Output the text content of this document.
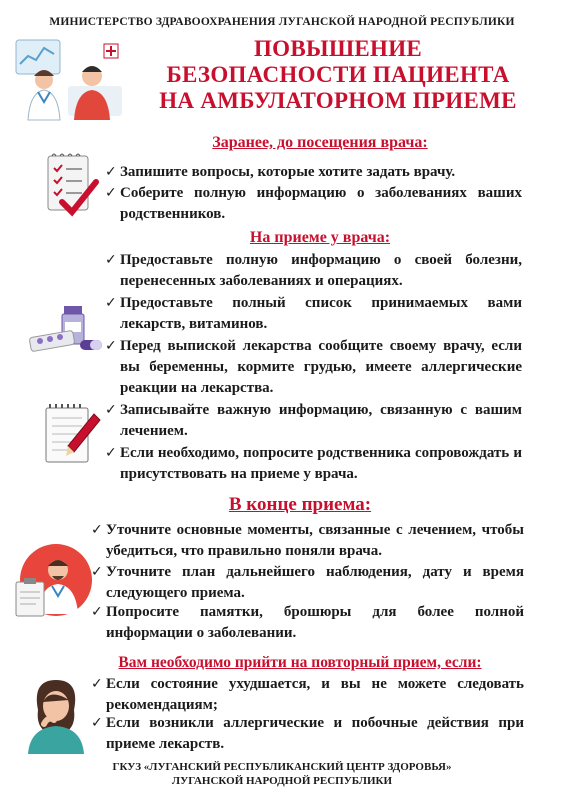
МИНИСТЕРСТВО ЗДРАВООХРАНЕНИЯ ЛУГАНСКОЙ НАРОДНОЙ РЕСПУБЛИКИ
ПОВЫШЕНИЕ
БЕЗОПАСНОСТИ ПАЦИЕНТА
НА АМБУЛАТОРНОМ ПРИЕМЕ
Заранее, до посещения врача:
✓ Запишите вопросы, которые хотите задать врачу.
✓ Соберите полную информацию о заболеваниях ваших родственников.
На приеме у врача:
✓ Предоставьте полную информацию о своей болезни, перенесенных заболеваниях и операциях.
✓ Предоставьте полный список принимаемых вами лекарств, витаминов.
✓ Перед выпиской лекарства сообщите своему врачу, если вы беременны, кормите грудью, имеете аллергические реакции на лекарства.
✓ Записывайте важную информацию, связанную с вашим лечением.
✓ Если необходимо, попросите родственника сопровождать и присутствовать на приеме у врача.
В конце приема:
✓ Уточните основные моменты, связанные с лечением, чтобы убедиться, что правильно поняли врача.
✓ Уточните план дальнейшего наблюдения, дату и время следующего приема.
✓ Попросите памятки, брошюры для более полной информации о заболевании.
Вам необходимо прийти на повторный прием, если:
✓ Если состояние ухудшается, и вы не можете следовать рекомендациям;
✓ Если возникли аллергические и побочные действия при приеме лекарств.
ГКУЗ «ЛУГАНСКИЙ РЕСПУБЛИКАНСКИЙ ЦЕНТР ЗДОРОВЬЯ»
ЛУГАНСКОЙ НАРОДНОЙ РЕСПУБЛИКИ
